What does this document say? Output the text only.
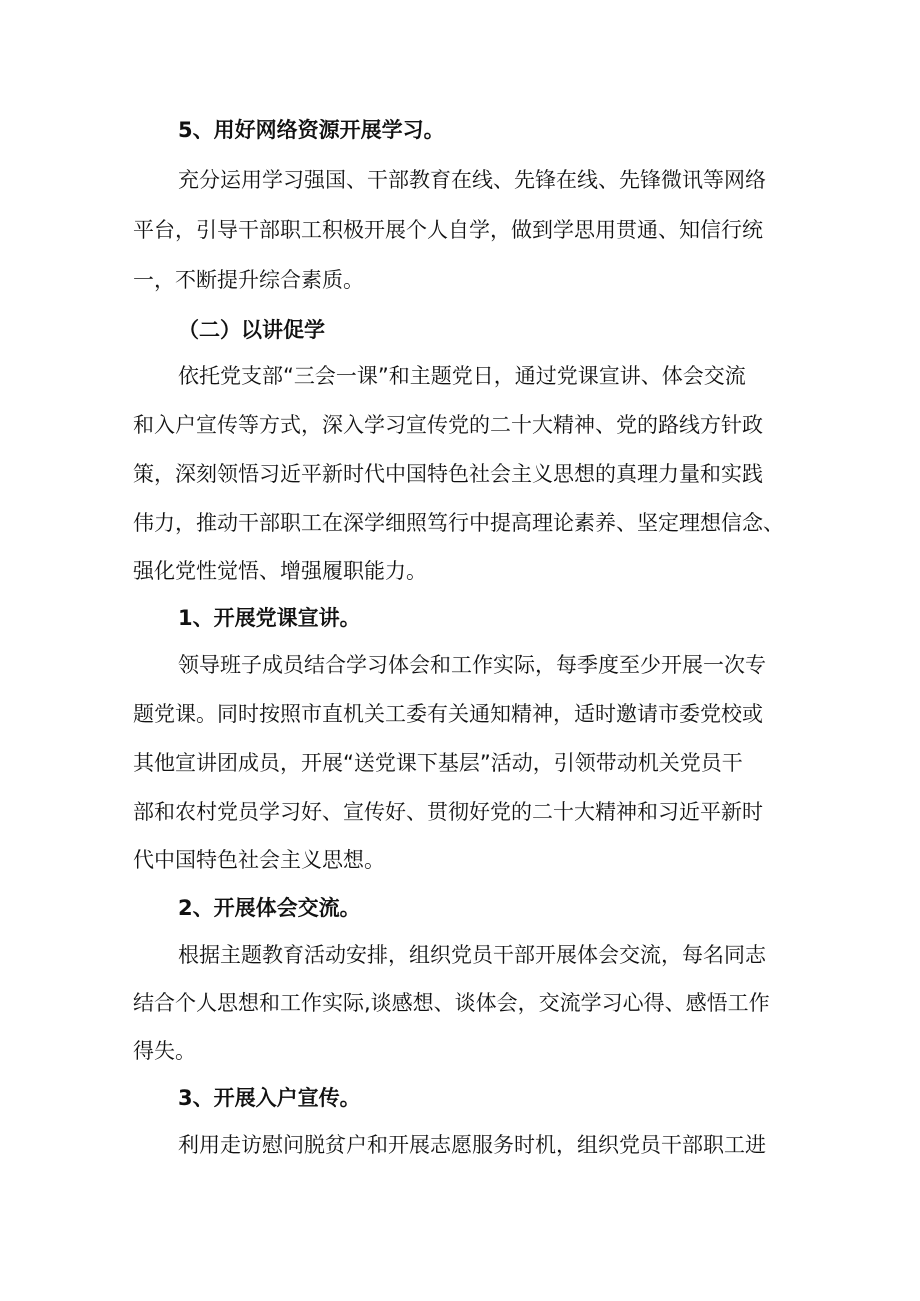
5、用好网络资源开展学习。
充分运用学习强国、干部教育在线、先锋在线、先锋微讯等网络
平台，引导干部职工积极开展个人自学，做到学思用贯通、知信行统
一，不断提升综合素质。
（二）以讲促学
依托党支部“三会一课”和主题党日，通过党课宣讲、体会交流
和入户宣传等方式，深入学习宣传党的二十大精神、党的路线方针政
策，深刻领悟习近平新时代中国特色社会主义思想的真理力量和实践
伟力，推动干部职工在深学细照笃行中提高理论素养、坚定理想信念、
强化党性觉悟、增强履职能力。
1、开展党课宣讲。
领导班子成员结合学习体会和工作实际，每季度至少开展一次专
题党课。同时按照市直机关工委有关通知精神，适时邀请市委党校或
其他宣讲团成员，开展“送党课下基层”活动，引领带动机关党员干
部和农村党员学习好、宣传好、贯彻好党的二十大精神和习近平新时
代中国特色社会主义思想。
2、开展体会交流。
根据主题教育活动安排，组织党员干部开展体会交流，每名同志
结合个人思想和工作实际,谈感想、谈体会，交流学习心得、感悟工作
得失。
3、开展入户宣传。
利用走访慰问脱贫户和开展志愿服务时机，组织党员干部职工进
